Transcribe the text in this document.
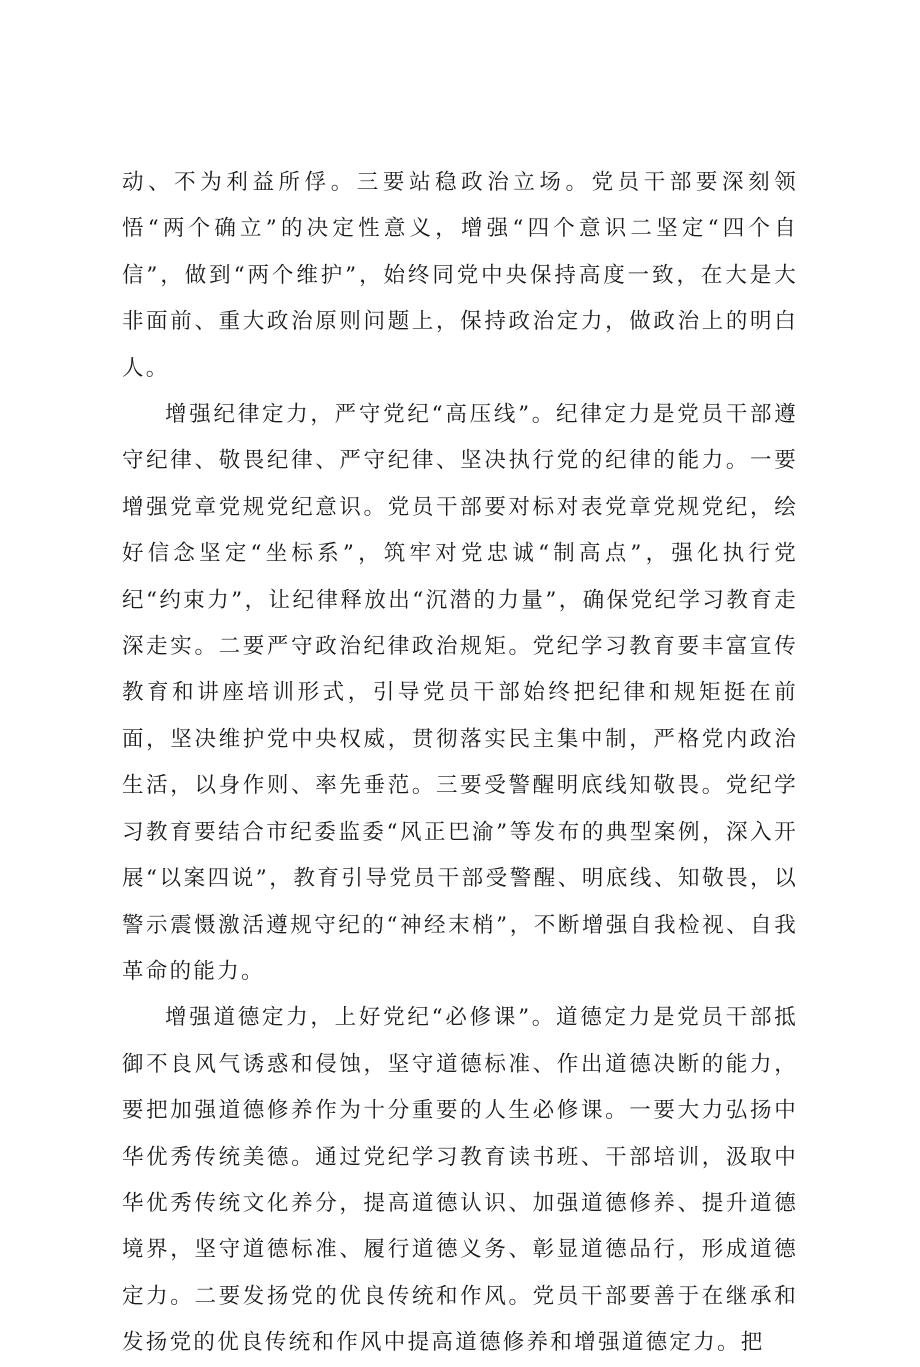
动、不为利益所俘。三要站稳政治立场。党员干部要深刻领悟“两个确立”的决定性意义，增强“四个意识二坚定“四个自信”，做到“两个维护”，始终同党中央保持高度一致，在大是大非面前、重大政治原则问题上，保持政治定力，做政治上的明白人。

增强纪律定力，严守党纪“高压线”。纪律定力是党员干部遵守纪律、敬畏纪律、严守纪律、坚决执行党的纪律的能力。一要增强党章党规党纪意识。党员干部要对标对表党章党规党纪，绘好信念坚定“坐标系”，筑牢对党忠诚“制高点”，强化执行党纪“约束力”，让纪律释放出“沉潜的力量”，确保党纪学习教育走深走实。二要严守政治纪律政治规矩。党纪学习教育要丰富宣传教育和讲座培训形式，引导党员干部始终把纪律和规矩挺在前面，坚决维护党中央权威，贯彻落实民主集中制，严格党内政治生活，以身作则、率先垂范。三要受警醒明底线知敬畏。党纪学习教育要结合市纪委监委“风正巴渝”等发布的典型案例，深入开展“以案四说”，教育引导党员干部受警醒、明底线、知敬畏，以警示震慑激活遵规守纪的“神经末梢”，不断增强自我检视、自我革命的能力。

增强道德定力，上好党纪“必修课”。道德定力是党员干部抵御不良风气诱惑和侵蚀，坚守道德标准、作出道德决断的能力，要把加强道德修养作为十分重要的人生必修课。一要大力弘扬中华优秀传统美德。通过党纪学习教育读书班、干部培训，汲取中华优秀传统文化养分，提高道德认识、加强道德修养、提升道德境界，坚守道德标准、履行道德义务、彰显道德品行，形成道德定力。二要发扬党的优良传统和作风。党员干部要善于在继承和发扬党的优良传统和作风中提高道德修养和增强道德定力。把
